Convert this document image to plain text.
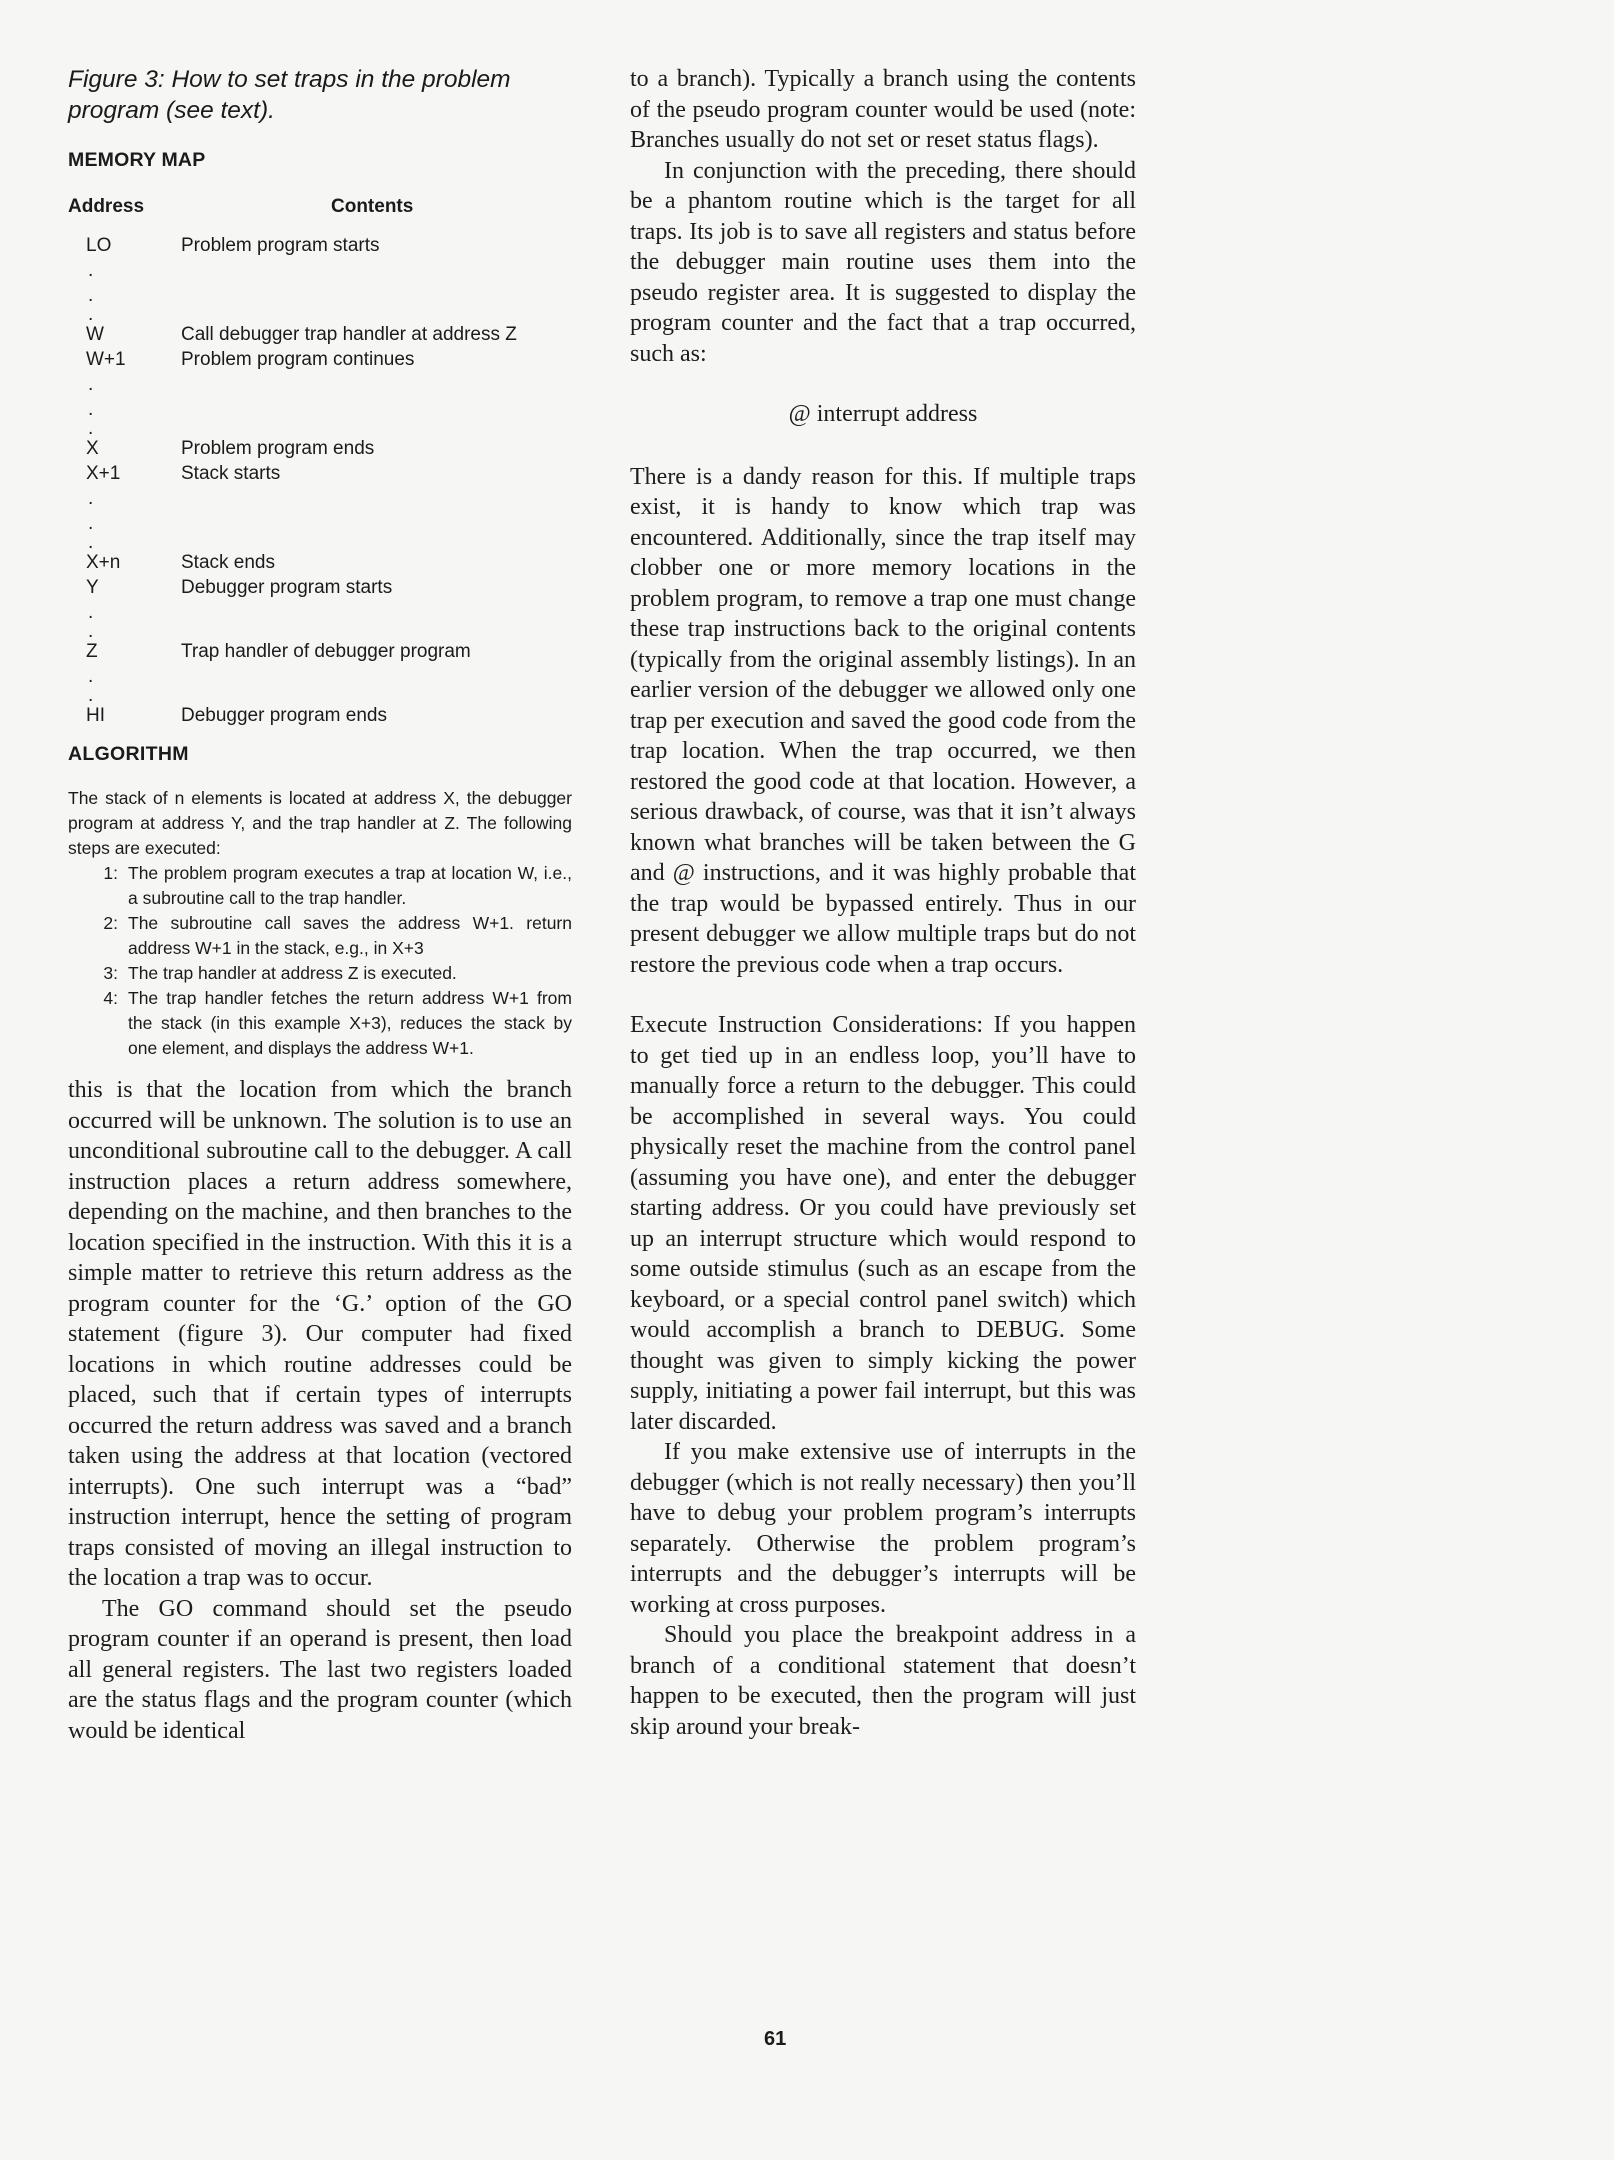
Figure 3: How to set traps in the problem program (see text).

MEMORY MAP
Address	Contents
LO	Problem program starts
.
.
.
W	Call debugger trap handler at address Z
W+1	Problem program continues
.
.
.
X	Problem program ends
X+1	Stack starts
.
.
.
X+n	Stack ends
Y	Debugger program starts
.
.
Z	Trap handler of debugger program
.
.
HI	Debugger program ends
ALGORITHM

The stack of n elements is located at address X, the debugger program at address Y, and the trap handler at Z. The following steps are executed:

1: The problem program executes a trap at location W, i.e., a subroutine call to the trap handler.
2: The subroutine call saves the address W+1. return address W+1 in the stack, e.g., in X+3
3: The trap handler at address Z is executed.
4: The trap handler fetches the return address W+1 from the stack (in this example X+3), reduces the stack by one element, and displays the address W+1.

this is that the location from which the branch occurred will be unknown. The solution is to use an unconditional subroutine call to the debugger. A call instruction places a return address somewhere, depending on the machine, and then branches to the location specified in the instruction. With this it is a simple matter to retrieve this return address as the program counter for the ‘G.’ option of the GO statement (figure 3). Our computer had fixed locations in which routine addresses could be placed, such that if certain types of interrupts occurred the return address was saved and a branch taken using the address at that location (vectored interrupts). One such interrupt was a “bad” instruction interrupt, hence the setting of program traps consisted of moving an illegal instruction to the location a trap was to occur.

The GO command should set the pseudo program counter if an operand is present, then load all general registers. The last two registers loaded are the status flags and the program counter (which would be identical

to a branch). Typically a branch using the contents of the pseudo program counter would be used (note: Branches usually do not set or reset status flags).

In conjunction with the preceding, there should be a phantom routine which is the target for all traps. Its job is to save all registers and status before the debugger main routine uses them into the pseudo register area. It is suggested to display the program counter and the fact that a trap occurred, such as:

@ interrupt address

There is a dandy reason for this. If multiple traps exist, it is handy to know which trap was encountered. Additionally, since the trap itself may clobber one or more memory locations in the problem program, to remove a trap one must change these trap instructions back to the original contents (typically from the original assembly listings). In an earlier version of the debugger we allowed only one trap per execution and saved the good code from the trap location. When the trap occurred, we then restored the good code at that location. However, a serious drawback, of course, was that it isn’t always known what branches will be taken between the G and @ instructions, and it was highly probable that the trap would be bypassed entirely. Thus in our present debugger we allow multiple traps but do not restore the previous code when a trap occurs.

Execute Instruction Considerations: If you happen to get tied up in an endless loop, you’ll have to manually force a return to the debugger. This could be accomplished in several ways. You could physically reset the machine from the control panel (assuming you have one), and enter the debugger starting address. Or you could have previously set up an interrupt structure which would respond to some outside stimulus (such as an escape from the keyboard, or a special control panel switch) which would accomplish a branch to DEBUG. Some thought was given to simply kicking the power supply, initiating a power fail interrupt, but this was later discarded.

If you make extensive use of interrupts in the debugger (which is not really necessary) then you’ll have to debug your problem program’s interrupts separately. Otherwise the problem program’s interrupts and the debugger’s interrupts will be working at cross purposes.

Should you place the breakpoint address in a branch of a conditional statement that doesn’t happen to be executed, then the program will just skip around your break-

61
